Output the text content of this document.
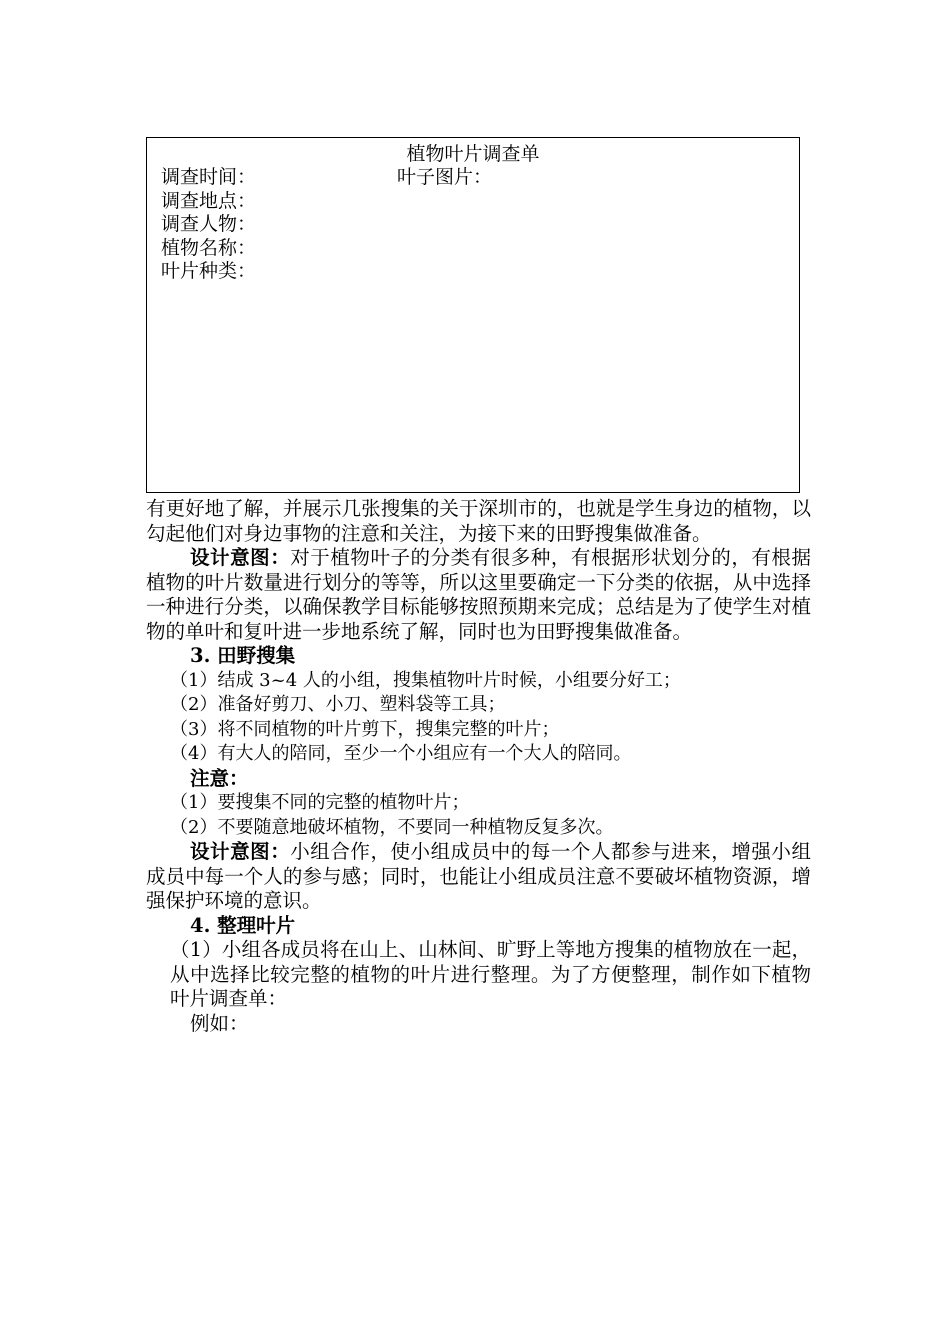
植物叶片调查单
调查时间：
调查地点：
调查人物：
植物名称：
叶片种类：
叶子图片：

有更好地了解，并展示几张搜集的关于深圳市的，也就是学生身边的植物，以勾起他们对身边事物的注意和关注，为接下来的田野搜集做准备。

设计意图：对于植物叶子的分类有很多种，有根据形状划分的，有根据植物的叶片数量进行划分的等等，所以这里要确定一下分类的依据，从中选择一种进行分类，以确保教学目标能够按照预期来完成；总结是为了使学生对植物的单叶和复叶进一步地系统了解，同时也为田野搜集做准备。

3. 田野搜集

（1）结成 3~4 人的小组，搜集植物叶片时候，小组要分好工；

（2）准备好剪刀、小刀、塑料袋等工具；

（3）将不同植物的叶片剪下，搜集完整的叶片；

（4）有大人的陪同，至少一个小组应有一个大人的陪同。

注意：

（1）要搜集不同的完整的植物叶片；

（2）不要随意地破坏植物，不要同一种植物反复多次。

设计意图：小组合作，使小组成员中的每一个人都参与进来，增强小组成员中每一个人的参与感；同时，也能让小组成员注意不要破坏植物资源，增强保护环境的意识。

4. 整理叶片

（1）小组各成员将在山上、山林间、旷野上等地方搜集的植物放在一起，从中选择比较完整的植物的叶片进行整理。为了方便整理，制作如下植物叶片调查单：

例如：
